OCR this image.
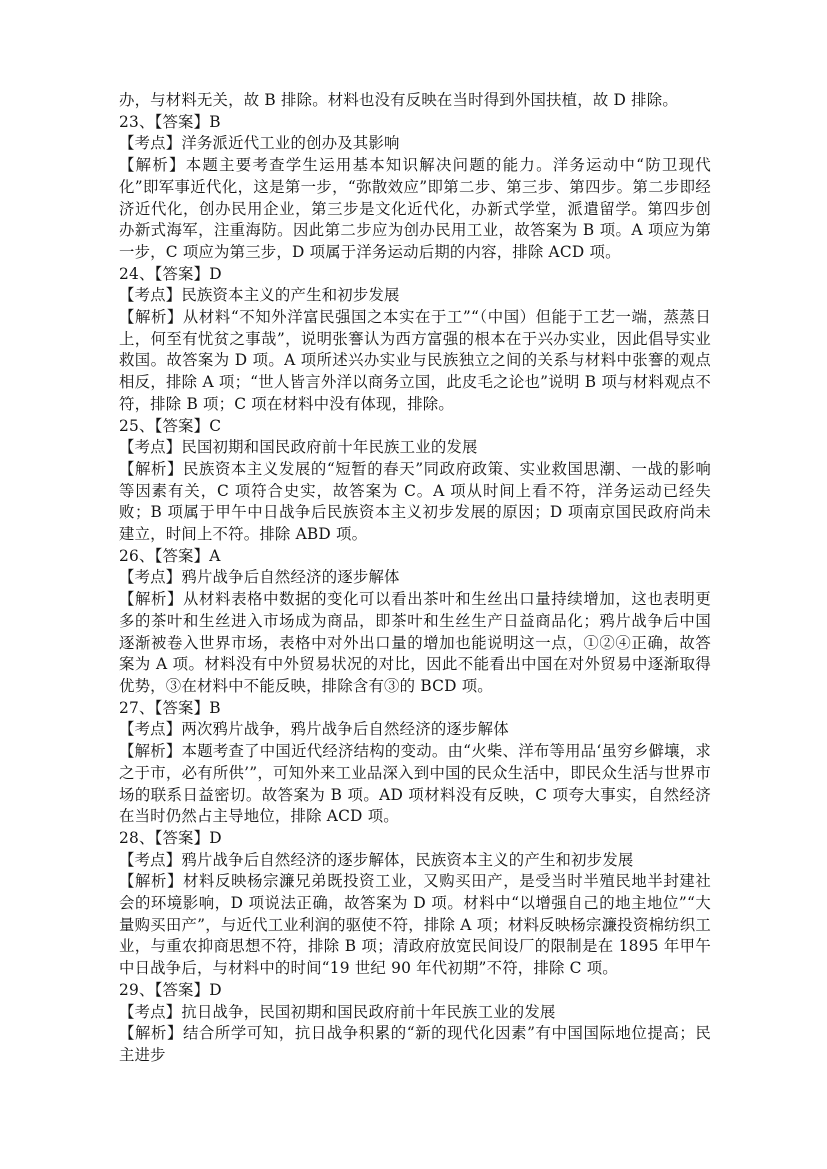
办，与材料无关，故 B 排除。材料也没有反映在当时得到外国扶植，故 D 排除。

23、【答案】B

【考点】洋务派近代工业的创办及其影响

【解析】本题主要考查学生运用基本知识解决问题的能力。洋务运动中“防卫现代化”即军事近代化，这是第一步，“弥散效应”即第二步、第三步、第四步。第二步即经济近代化，创办民用企业，第三步是文化近代化，办新式学堂，派遣留学。第四步创办新式海军，注重海防。因此第二步应为创办民用工业，故答案为 B 项。A 项应为第一步，C 项应为第三步，D 项属于洋务运动后期的内容，排除 ACD 项。

24、【答案】D

【考点】民族资本主义的产生和初步发展

【解析】从材料“不知外洋富民强国之本实在于工”“（中国）但能于工艺一端，蒸蒸日上，何至有忧贫之事哉”，说明张謇认为西方富强的根本在于兴办实业，因此倡导实业救国。故答案为 D 项。A 项所述兴办实业与民族独立之间的关系与材料中张謇的观点相反，排除 A 项；“世人皆言外洋以商务立国，此皮毛之论也”说明 B 项与材料观点不符，排除 B 项；C 项在材料中没有体现，排除。

25、【答案】C

【考点】民国初期和国民政府前十年民族工业的发展

【解析】民族资本主义发展的“短暂的春天”同政府政策、实业救国思潮、一战的影响等因素有关，C 项符合史实，故答案为 C。A 项从时间上看不符，洋务运动已经失败；B 项属于甲午中日战争后民族资本主义初步发展的原因；D 项南京国民政府尚未建立，时间上不符。排除 ABD 项。

26、【答案】A

【考点】鸦片战争后自然经济的逐步解体

【解析】从材料表格中数据的变化可以看出茶叶和生丝出口量持续增加，这也表明更多的茶叶和生丝进入市场成为商品，即茶叶和生丝生产日益商品化；鸦片战争后中国逐渐被卷入世界市场，表格中对外出口量的增加也能说明这一点，①②④正确，故答案为 A 项。材料没有中外贸易状况的对比，因此不能看出中国在对外贸易中逐渐取得优势，③在材料中不能反映，排除含有③的 BCD 项。

27、【答案】B

【考点】两次鸦片战争，鸦片战争后自然经济的逐步解体

【解析】本题考查了中国近代经济结构的变动。由“火柴、洋布等用品‘虽穷乡僻壤，求之于市，必有所供’”，可知外来工业品深入到中国的民众生活中，即民众生活与世界市场的联系日益密切。故答案为 B 项。AD 项材料没有反映，C 项夸大事实，自然经济在当时仍然占主导地位，排除 ACD 项。

28、【答案】D

【考点】鸦片战争后自然经济的逐步解体，民族资本主义的产生和初步发展

【解析】材料反映杨宗濂兄弟既投资工业，又购买田产，是受当时半殖民地半封建社会的环境影响，D 项说法正确，故答案为 D 项。材料中“以增强自己的地主地位”“大量购买田产”，与近代工业利润的驱使不符，排除 A 项；材料反映杨宗濂投资棉纺织工业，与重农抑商思想不符，排除 B 项；清政府放宽民间设厂的限制是在 1895 年甲午中日战争后，与材料中的时间“19 世纪 90 年代初期”不符，排除 C 项。

29、【答案】D

【考点】抗日战争，民国初期和国民政府前十年民族工业的发展

【解析】结合所学可知，抗日战争积累的“新的现代化因素”有中国国际地位提高；民主进步
